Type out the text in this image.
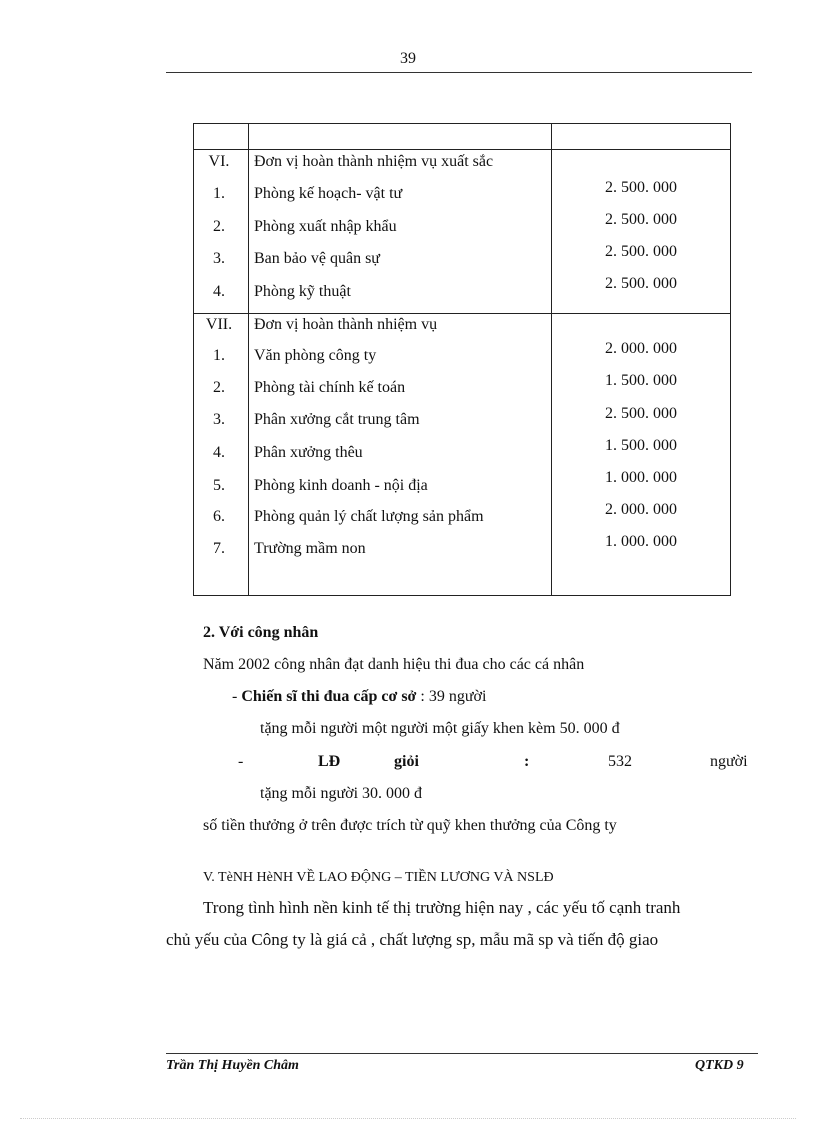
39
VI.	Đơn vị hoàn thành nhiệm vụ xuất sắc
1.	Phòng kế hoạch- vật tư	2. 500. 000
2.	Phòng xuất nhập khẩu	2. 500. 000
3.	Ban bảo vệ quân sự	2. 500. 000
4.	Phòng kỹ thuật	2. 500. 000
VII.	Đơn vị hoàn thành nhiệm vụ
1.	Văn phòng công ty	2. 000. 000
2.	Phòng tài chính kế toán	1. 500. 000
3.	Phân xưởng cắt trung tâm	2. 500. 000
4.	Phân xưởng thêu	1. 500. 000
5.	Phòng kinh doanh - nội địa	1. 000. 000
6.	Phòng quản lý chất lượng sản phẩm	2. 000. 000
7.	Trường mầm non	1. 000. 000
2. Với công nhân
Năm 2002 công nhân đạt danh hiệu thi đua cho các cá nhân
- Chiến sĩ thi đua cấp cơ sở : 39 người
tặng mỗi người một người một giấy khen kèm 50. 000 đ
-	LĐ	giỏi	:	532	người
tặng mỗi người 30. 000 đ
số tiền thưởng ở trên được trích từ quỹ khen thưởng của Công ty
V. TèNH HèNH VỀ LAO ĐỘNG – TIỀN LƯƠNG VÀ NSLĐ
Trong tình hình nền kinh tế thị trường hiện nay , các yếu tố cạnh tranh
chủ yếu của Công ty là giá cả , chất lượng sp, mẫu mã sp và tiến độ giao
Trần Thị Huyền Châm	QTKD 9
